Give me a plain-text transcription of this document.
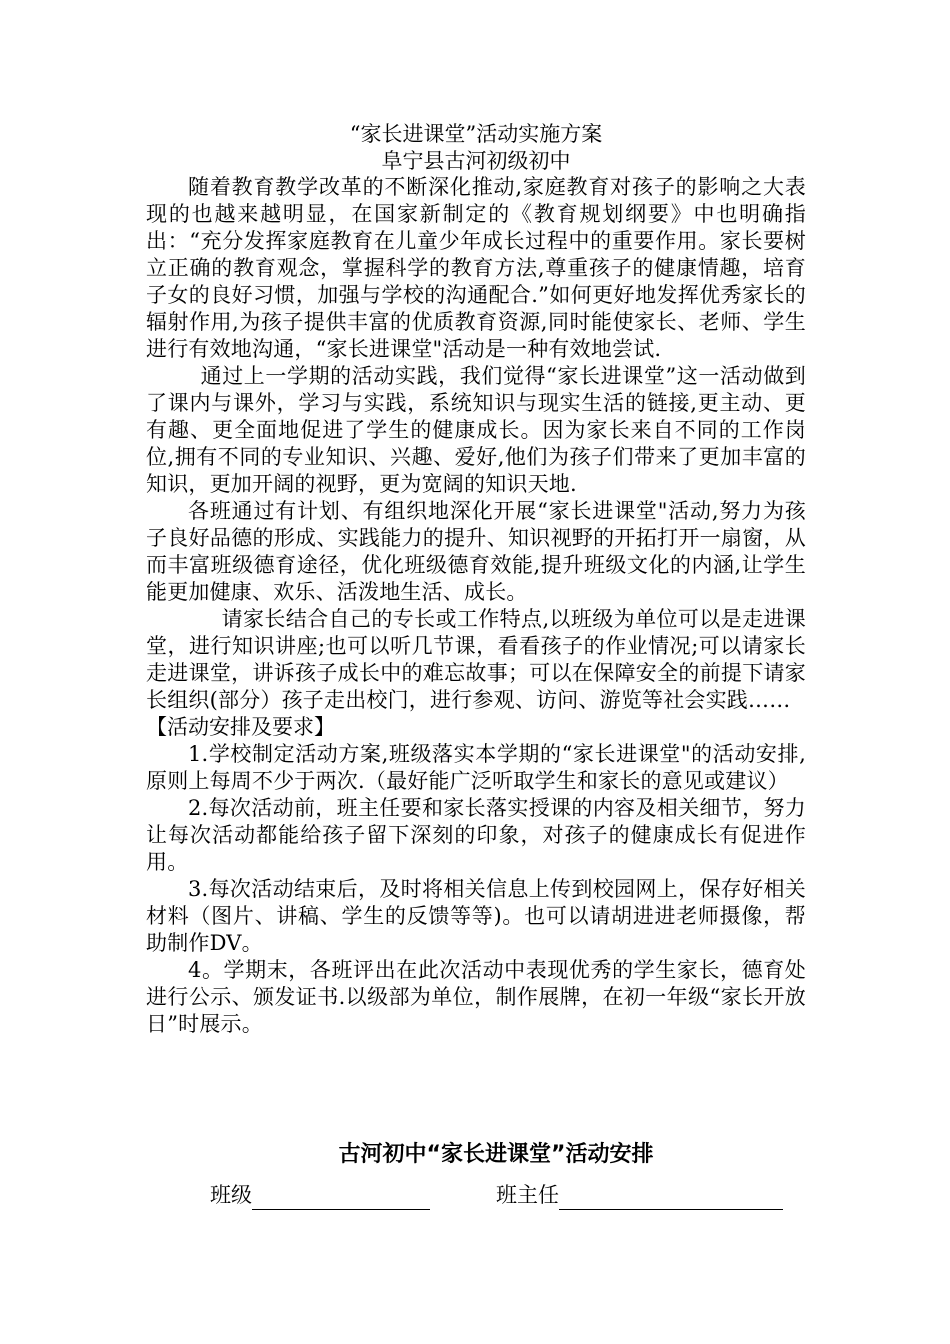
“家长进课堂”活动实施方案

阜宁县古河初级初中

随着教育教学改革的不断深化推动,家庭教育对孩子的影响之大表现的也越来越明显，在国家新制定的《教育规划纲要》中也明确指出：“充分发挥家庭教育在儿童少年成长过程中的重要作用。家长要树立正确的教育观念，掌握科学的教育方法,尊重孩子的健康情趣，培育子女的良好习惯，加强与学校的沟通配合.”如何更好地发挥优秀家长的辐射作用,为孩子提供丰富的优质教育资源,同时能使家长、老师、学生进行有效地沟通，“家长进课堂"活动是一种有效地尝试.

通过上一学期的活动实践，我们觉得“家长进课堂”这一活动做到了课内与课外，学习与实践，系统知识与现实生活的链接,更主动、更有趣、更全面地促进了学生的健康成长。因为家长来自不同的工作岗位,拥有不同的专业知识、兴趣、爱好,他们为孩子们带来了更加丰富的知识，更加开阔的视野，更为宽阔的知识天地.

各班通过有计划、有组织地深化开展“家长进课堂"活动,努力为孩子良好品德的形成、实践能力的提升、知识视野的开拓打开一扇窗，从而丰富班级德育途径，优化班级德育效能,提升班级文化的内涵,让学生能更加健康、欢乐、活泼地生活、成长。

请家长结合自己的专长或工作特点,以班级为单位可以是走进课堂，进行知识讲座;也可以听几节课，看看孩子的作业情况;可以请家长走进课堂，讲诉孩子成长中的难忘故事；可以在保障安全的前提下请家长组织(部分）孩子走出校门，进行参观、访问、游览等社会实践……

【活动安排及要求】

1.学校制定活动方案,班级落实本学期的“家长进课堂"的活动安排,原则上每周不少于两次.（最好能广泛听取学生和家长的意见或建议）

2.每次活动前，班主任要和家长落实授课的内容及相关细节，努力让每次活动都能给孩子留下深刻的印象，对孩子的健康成长有促进作用。

3.每次活动结束后，及时将相关信息上传到校园网上，保存好相关材料（图片、讲稿、学生的反馈等等)。也可以请胡进进老师摄像，帮助制作DV。

4。学期末，各班评出在此次活动中表现优秀的学生家长，德育处进行公示、颁发证书.以级部为单位，制作展牌，在初一年级“家长开放日”时展示。

古河初中“家长进课堂”活动安排
班级	班主任
